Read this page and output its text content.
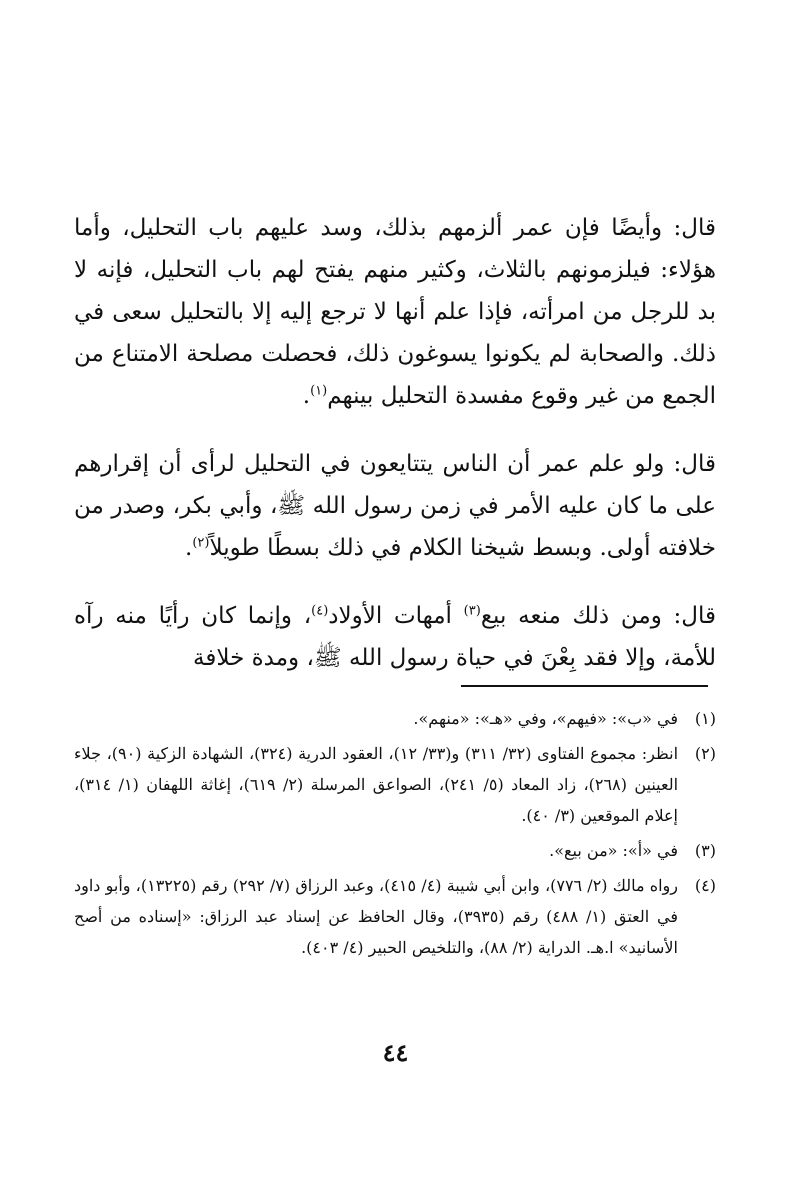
قال: وأيضًا فإن عمر ألزمهم بذلك، وسد عليهم باب التحليل، وأما هؤلاء: فيلزمونهم بالثلاث، وكثير منهم يفتح لهم باب التحليل، فإنه لا بد للرجل من امرأته، فإذا علم أنها لا ترجع إليه إلا بالتحليل سعى في ذلك. والصحابة لم يكونوا يسوغون ذلك، فحصلت مصلحة الامتناع من الجمع من غير وقوع مفسدة التحليل بينهم$^{(١)}$.

قال: ولو علم عمر أن الناس يتتايعون في التحليل لرأى أن إقرارهم على ما كان عليه الأمر في زمن رسول الله ﷺ، وأبي بكر، وصدر من خلافته أولى. وبسط شيخنا الكلام في ذلك بسطًا طويلاً$^{(٢)}$.

قال: ومن ذلك منعه بيع$^{(٣)}$ أمهات الأولاد$^{(٤)}$، وإنما كان رأيًا منه رآه للأمة، وإلا فقد بِعْنَ في حياة رسول الله ﷺ، ومدة خلافة

(١)
في «ب»: «فيهم»، وفي «هـ»: «منهم».
(٢)
انظر: مجموع الفتاوى (٣٢/ ٣١١) و(٣٣/ ١٢)، العقود الدرية (٣٢٤)، الشهادة الزكية (٩٠)، جلاء العينين (٢٦٨)، زاد المعاد (٥/ ٢٤١)، الصواعق المرسلة (٢/ ٦١٩)، إغاثة اللهفان (١/ ٣١٤)، إعلام الموقعين (٣/ ٤٠).
(٣)
في «أ»: «من بيع».
(٤)
رواه مالك (٢/ ٧٧٦)، وابن أبي شيبة (٤/ ٤١٥)، وعبد الرزاق (٧/ ٢٩٢) رقم (١٣٢٢٥)، وأبو داود في العتق (١/ ٤٨٨) رقم (٣٩٣٥)، وقال الحافظ عن إسناد عبد الرزاق: «إسناده من أصح الأسانيد» ا.هـ. الدراية (٢/ ٨٨)، والتلخيص الحبير (٤/ ٤٠٣).
٤٤
